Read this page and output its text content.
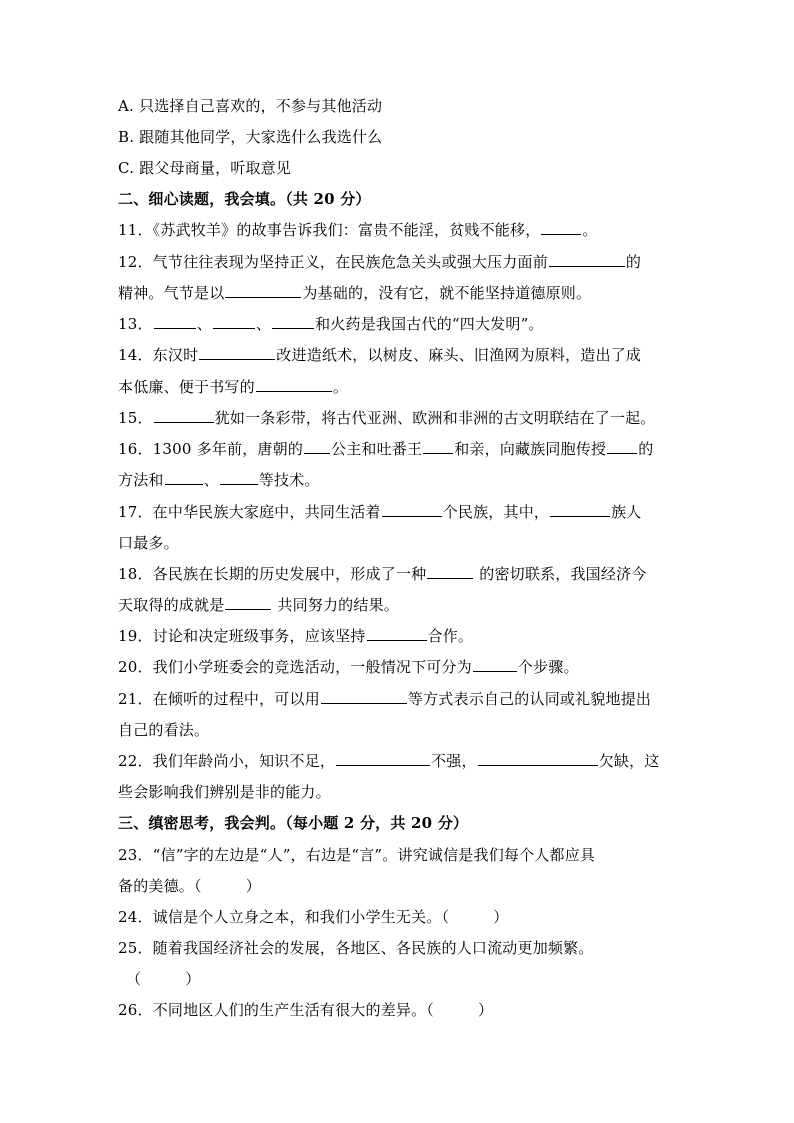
A. 只选择自己喜欢的，不参与其他活动
B. 跟随其他同学，大家选什么我选什么
C. 跟父母商量，听取意见
二、细心读题，我会填。（共 20 分）
11．《苏武牧羊》的故事告诉我们：富贵不能淫，贫贱不能移，	。
12．气节往往表现为坚持正义，在民族危急关头或强大压力面前	的
精神。气节是以	为基础的，没有它，就不能坚持道德原则。
13．	、	、	和火药是我国古代的“四大发明”。
14．东汉时	改进造纸术，以树皮、麻头、旧渔网为原料，造出了成
本低廉、便于书写的	。
15．	犹如一条彩带，将古代亚洲、欧洲和非洲的古文明联结在了一起。
16．1300 多年前，唐朝的 公主和吐番王 和亲，向藏族同胞传授 的
方法和	、	等技术。
17．在中华民族大家庭中，共同生活着	个民族，其中，	族人
口最多。
18．各民族在长期的历史发展中，形成了一种	的密切联系，我国经济今
天取得的成就是	共同努力的结果。
19．讨论和决定班级事务，应该坚持	合作。
20．我们小学班委会的竞选活动，一般情况下可分为	个步骤。
21．在倾听的过程中，可以用	等方式表示自己的认同或礼貌地提出
自己的看法。
22．我们年龄尚小，知识不足，	不强，	欠缺，这
些会影响我们辨别是非的能力。
三、缜密思考，我会判。（每小题 2 分，共 20 分）
23．“信”字的左边是“人”，右边是“言”。讲究诚信是我们每个人都应具
备的美德。（	）
24．诚信是个人立身之本，和我们小学生无关。（	）
25．随着我国经济社会的发展，各地区、各民族的人口流动更加频繁。
（	）
26．不同地区人们的生产生活有很大的差异。（	）
